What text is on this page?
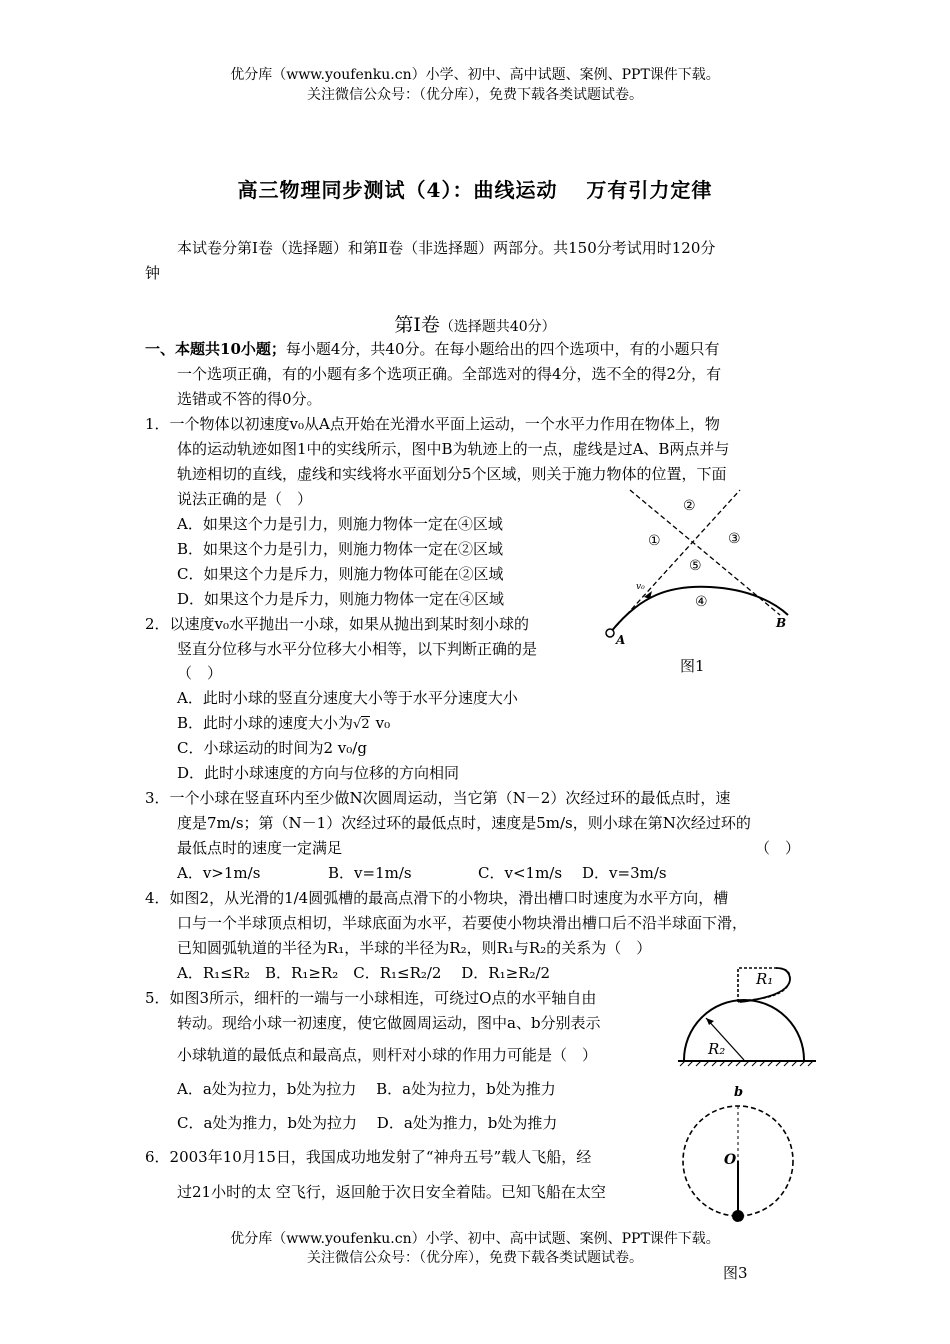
优分库（www.youfenku.cn）小学、初中、高中试题、案例、PPT课件下载。
关注微信公众号：（优分库），免费下载各类试题试卷。
高三物理同步测试（4）：曲线运动　 万有引力定律
本试卷分第Ⅰ卷（选择题）和第Ⅱ卷（非选择题）两部分。共150分考试用时120分
钟
第Ⅰ卷（选择题共40分）
一、本题共10小题；每小题4分，共40分。在每小题给出的四个选项中，有的小题只有
一个选项正确，有的小题有多个选项正确。全部选对的得4分，选不全的得2分，有
选错或不答的得0分。
1．一个物体以初速度v₀从A点开始在光滑水平面上运动，一个水平力作用在物体上，物
体的运动轨迹如图1中的实线所示，图中B为轨迹上的一点，虚线是过A、B两点并与
轨迹相切的直线，虚线和实线将水平面划分5个区域，则关于施力物体的位置，下面
说法正确的是（　）
A．如果这个力是引力，则施力物体一定在④区域
B．如果这个力是引力，则施力物体一定在②区域
C．如果这个力是斥力，则施力物体可能在②区域
D．如果这个力是斥力，则施力物体一定在④区域
v₀
A
B
①
②
③
④
⑤
图1
2．以速度v₀水平抛出一小球，如果从抛出到某时刻小球的
竖直分位移与水平分位移大小相等，以下判断正确的是
（　）
A．此时小球的竖直分速度大小等于水平分速度大小
B．此时小球的速度大小为√2 v₀
C．小球运动的时间为2 v₀/g
D．此时小球速度的方向与位移的方向相同
3．一个小球在竖直环内至少做N次圆周运动，当它第（N－2）次经过环的最低点时，速
度是7m/s；第（N－1）次经过环的最低点时，速度是5m/s，则小球在第N次经过环的
最低点时的速度一定满足	（　）
A．v>1m/s	B．v=1m/s	C．v<1m/s D．v=3m/s
4．如图2，从光滑的1/4圆弧槽的最高点滑下的小物块，滑出槽口时速度为水平方向，槽
口与一个半球顶点相切，半球底面为水平，若要使小物块滑出槽口后不沿半球面下滑，
已知圆弧轨道的半径为R₁，半球的半径为R₂，则R₁与R₂的关系为（　）
A．R₁≤R₂　B．R₁≥R₂　C．R₁≤R₂/2　 D．R₁≥R₂/2	R₁
R₂
5．如图3所示，细杆的一端与一小球相连，可绕过O点的水平轴自由
转动。现给小球一初速度，使它做圆周运动，图中a、b分别表示
小球轨道的最低点和最高点，则杆对小球的作用力可能是（　）
A．a处为拉力，b处为拉力　 B．a处为拉力，b处为推力
C．a处为推力，b处为拉力　 D．a处为推力，b处为推力
O
b
a
6．2003年10月15日，我国成功地发射了“神舟五号”载人飞船，经
过21小时的太 空飞行，返回舱于次日安全着陆。已知飞船在太空
优分库（www.youfenku.cn）小学、初中、高中试题、案例、PPT课件下载。
关注微信公众号：（优分库），免费下载各类试题试卷。
图3
